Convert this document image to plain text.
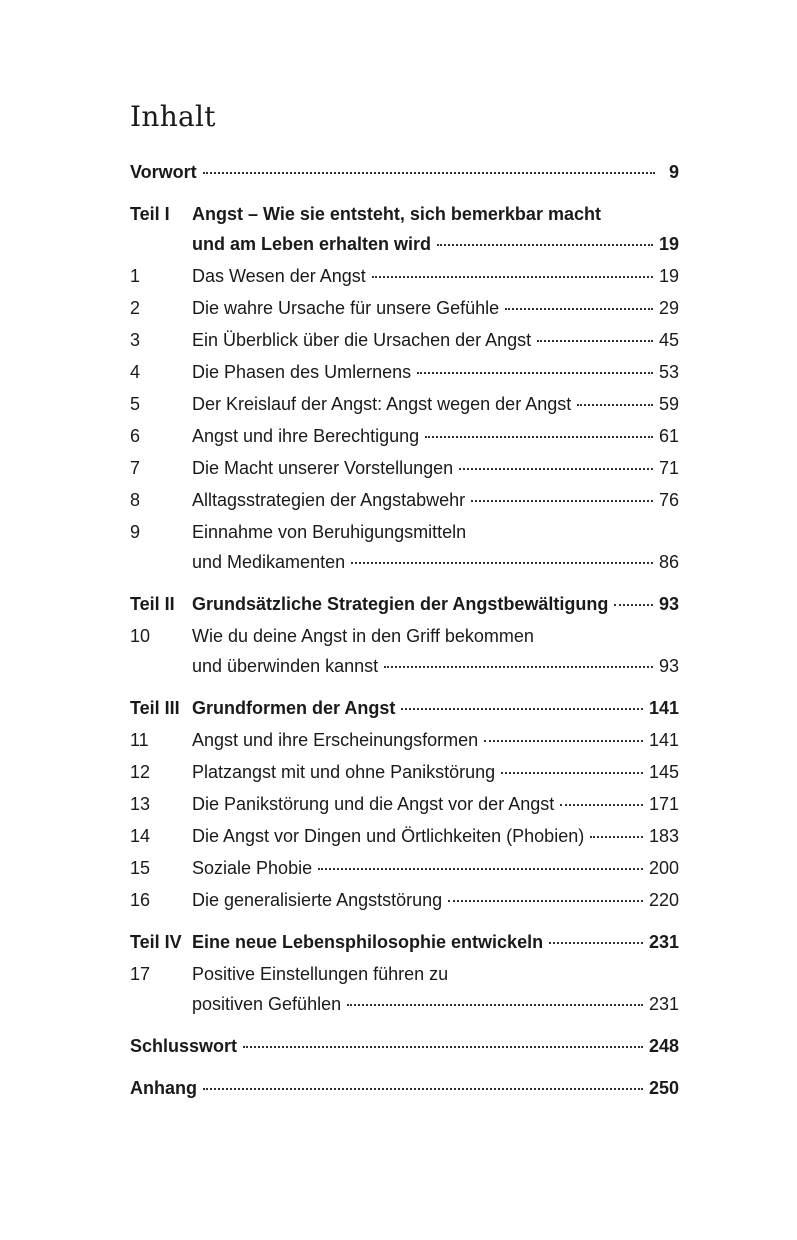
Inhalt
Vorwort	9
Teil I	Angst – Wie sie entsteht, sich bemerkbar macht
und am Leben erhalten wird	19
1	Das Wesen der Angst	19
2	Die wahre Ursache für unsere Gefühle	29
3	Ein Überblick über die Ursachen der Angst	45
4	Die Phasen des Umlernens	53
5	Der Kreislauf der Angst: Angst wegen der Angst	59
6	Angst und ihre Berechtigung	61
7	Die Macht unserer Vorstellungen	71
8	Alltagsstrategien der Angstabwehr	76
9	Einnahme von Beruhigungsmitteln
und Medikamenten	86
Teil II Grundsätzliche Strategien der Angstbewältigung	93
10	Wie du deine Angst in den Griff bekommen
und überwinden kannst	93
Teil III Grundformen der Angst	141
11	Angst und ihre Erscheinungsformen	141
12	Platzangst mit und ohne Panikstörung	145
13	Die Panikstörung und die Angst vor der Angst	171
14	Die Angst vor Dingen und Örtlichkeiten (Phobien)	183
15	Soziale Phobie	200
16	Die generalisierte Angststörung	220
Teil IV Eine neue Lebensphilosophie entwickeln	231
17	Positive Einstellungen führen zu
positiven Gefühlen	231
Schlusswort	248
Anhang	250
